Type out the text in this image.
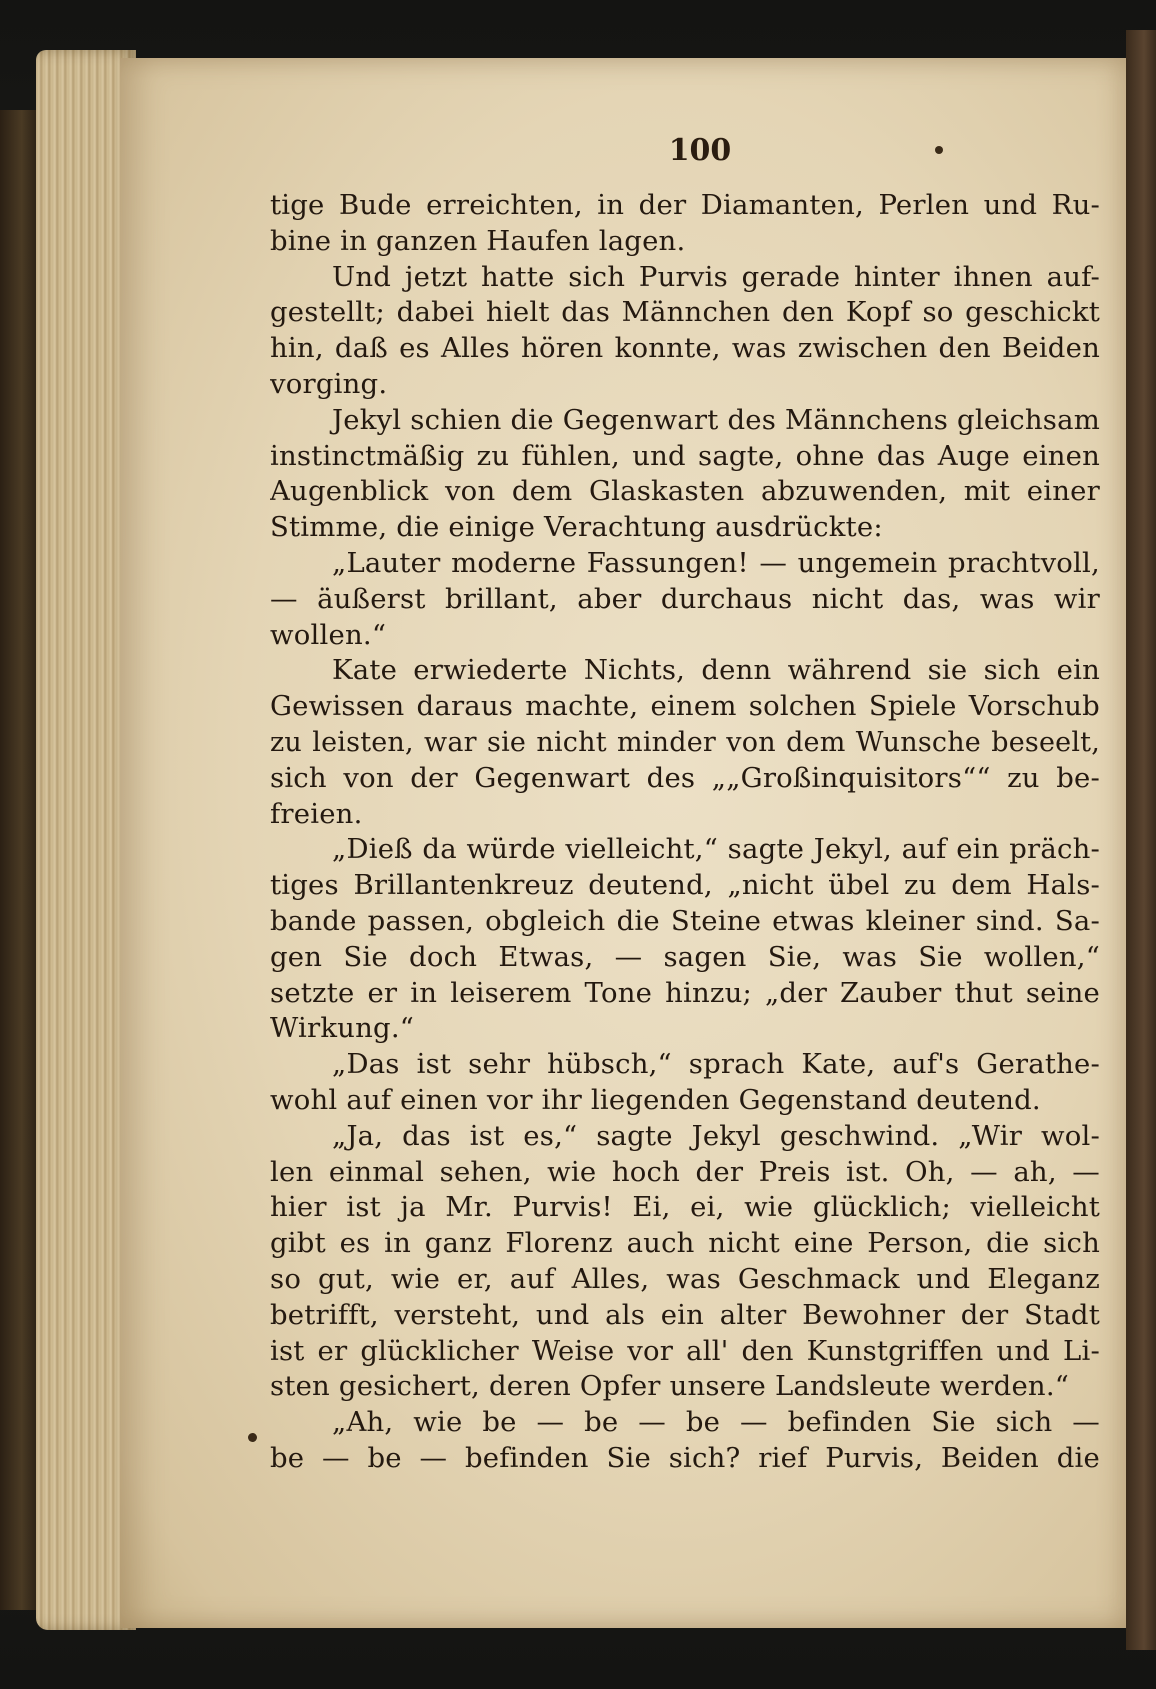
100
tige Bude erreichten, in der Diamanten, Perlen und Ru-
bine in ganzen Haufen lagen.
Und jetzt hatte sich Purvis gerade hinter ihnen auf-
gestellt; dabei hielt das Männchen den Kopf so geschickt
hin, daß es Alles hören konnte, was zwischen den Beiden
vorging.
Jekyl schien die Gegenwart des Männchens gleichsam
instinctmäßig zu fühlen, und sagte, ohne das Auge einen
Augenblick von dem Glaskasten abzuwenden, mit einer
Stimme, die einige Verachtung ausdrückte:
„Lauter moderne Fassungen! — ungemein prachtvoll,
— äußerst brillant, aber durchaus nicht das, was wir
wollen.“
Kate erwiederte Nichts, denn während sie sich ein
Gewissen daraus machte, einem solchen Spiele Vorschub
zu leisten, war sie nicht minder von dem Wunsche beseelt,
sich von der Gegenwart des „„Großinquisitors““ zu be-
freien.
„Dieß da würde vielleicht,“ sagte Jekyl, auf ein präch-
tiges Brillantenkreuz deutend, „nicht übel zu dem Hals-
bande passen, obgleich die Steine etwas kleiner sind. Sa-
gen Sie doch Etwas, — sagen Sie, was Sie wollen,“
setzte er in leiserem Tone hinzu; „der Zauber thut seine
Wirkung.“
„Das ist sehr hübsch,“ sprach Kate, auf's Gerathe-
wohl auf einen vor ihr liegenden Gegenstand deutend.
„Ja, das ist es,“ sagte Jekyl geschwind. „Wir wol-
len einmal sehen, wie hoch der Preis ist. Oh, — ah, —
hier ist ja Mr. Purvis! Ei, ei, wie glücklich; vielleicht
gibt es in ganz Florenz auch nicht eine Person, die sich
so gut, wie er, auf Alles, was Geschmack und Eleganz
betrifft, versteht, und als ein alter Bewohner der Stadt
ist er glücklicher Weise vor all' den Kunstgriffen und Li-
sten gesichert, deren Opfer unsere Landsleute werden.“
„Ah, wie be — be — be — befinden Sie sich —
be — be — befinden Sie sich? rief Purvis, Beiden die
